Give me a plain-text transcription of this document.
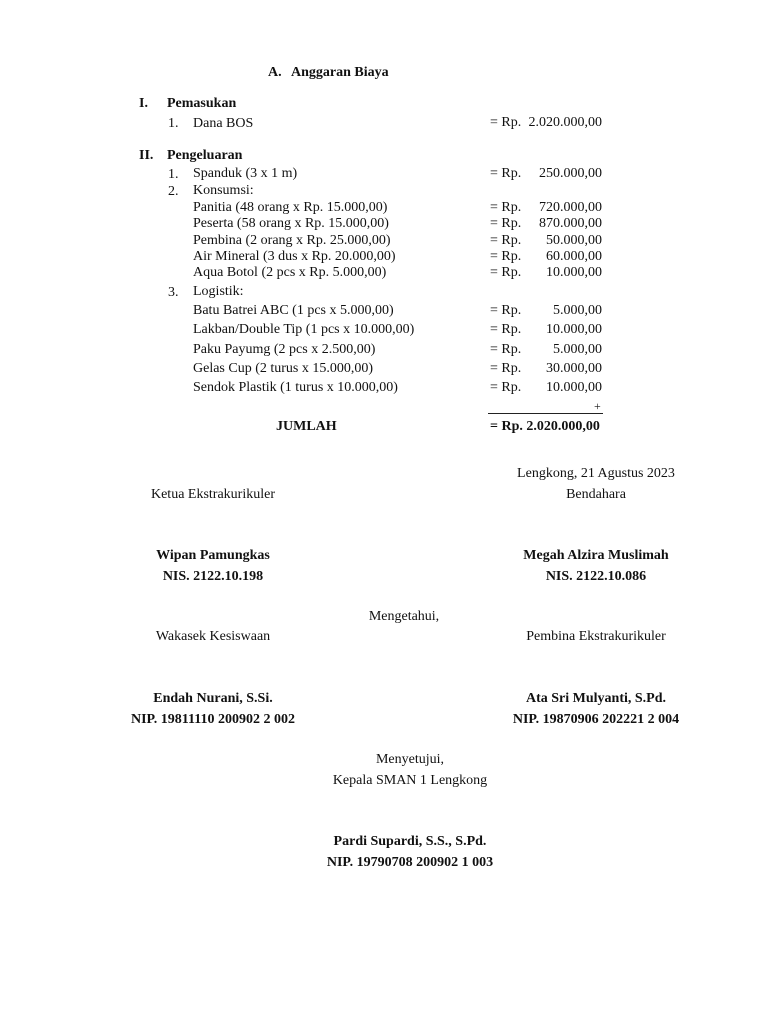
A. Anggaran Biaya
I. Pemasukan
1. Dana BOS	= Rp. 2.020.000,00
II. Pengeluaran
1. Spanduk (3 x 1 m)	= Rp.	250.000,00
2. Konsumsi:
Panitia (48 orang x Rp. 15.000,00)	= Rp.	720.000,00
Peserta (58 orang x Rp. 15.000,00)	= Rp.	870.000,00
Pembina (2 orang x Rp. 25.000,00)	= Rp.	50.000,00
Air Mineral (3 dus x Rp. 20.000,00)	= Rp.	60.000,00
Aqua Botol (2 pcs x Rp. 5.000,00)	= Rp.	10.000,00
3. Logistik:
Batu Batrei ABC (1 pcs x 5.000,00)	= Rp.	5.000,00
Lakban/Double Tip (1 pcs x 10.000,00)	= Rp.	10.000,00
Paku Payumg (2 pcs x 2.500,00)	= Rp.	5.000,00
Gelas Cup (2 turus x 15.000,00)	= Rp.	30.000,00
Sendok Plastik (1 turus x 10.000,00)	= Rp.	10.000,00
+
JUMLAH	= Rp. 2.020.000,00
Lengkong, 21 Agustus 2023
Ketua Ekstrakurikuler	Bendahara
Wipan Pamungkas
NIS. 2122.10.198
Megah Alzira Muslimah
NIS. 2122.10.086
Mengetahui,
Wakasek Kesiswaan	Pembina Ekstrakurikuler
Endah Nurani, S.Si.
NIP. 19811110 200902 2 002
Ata Sri Mulyanti, S.Pd.
NIP. 19870906 202221 2 004
Menyetujui,
Kepala SMAN 1 Lengkong
Pardi Supardi, S.S., S.Pd.
NIP. 19790708 200902 1 003
